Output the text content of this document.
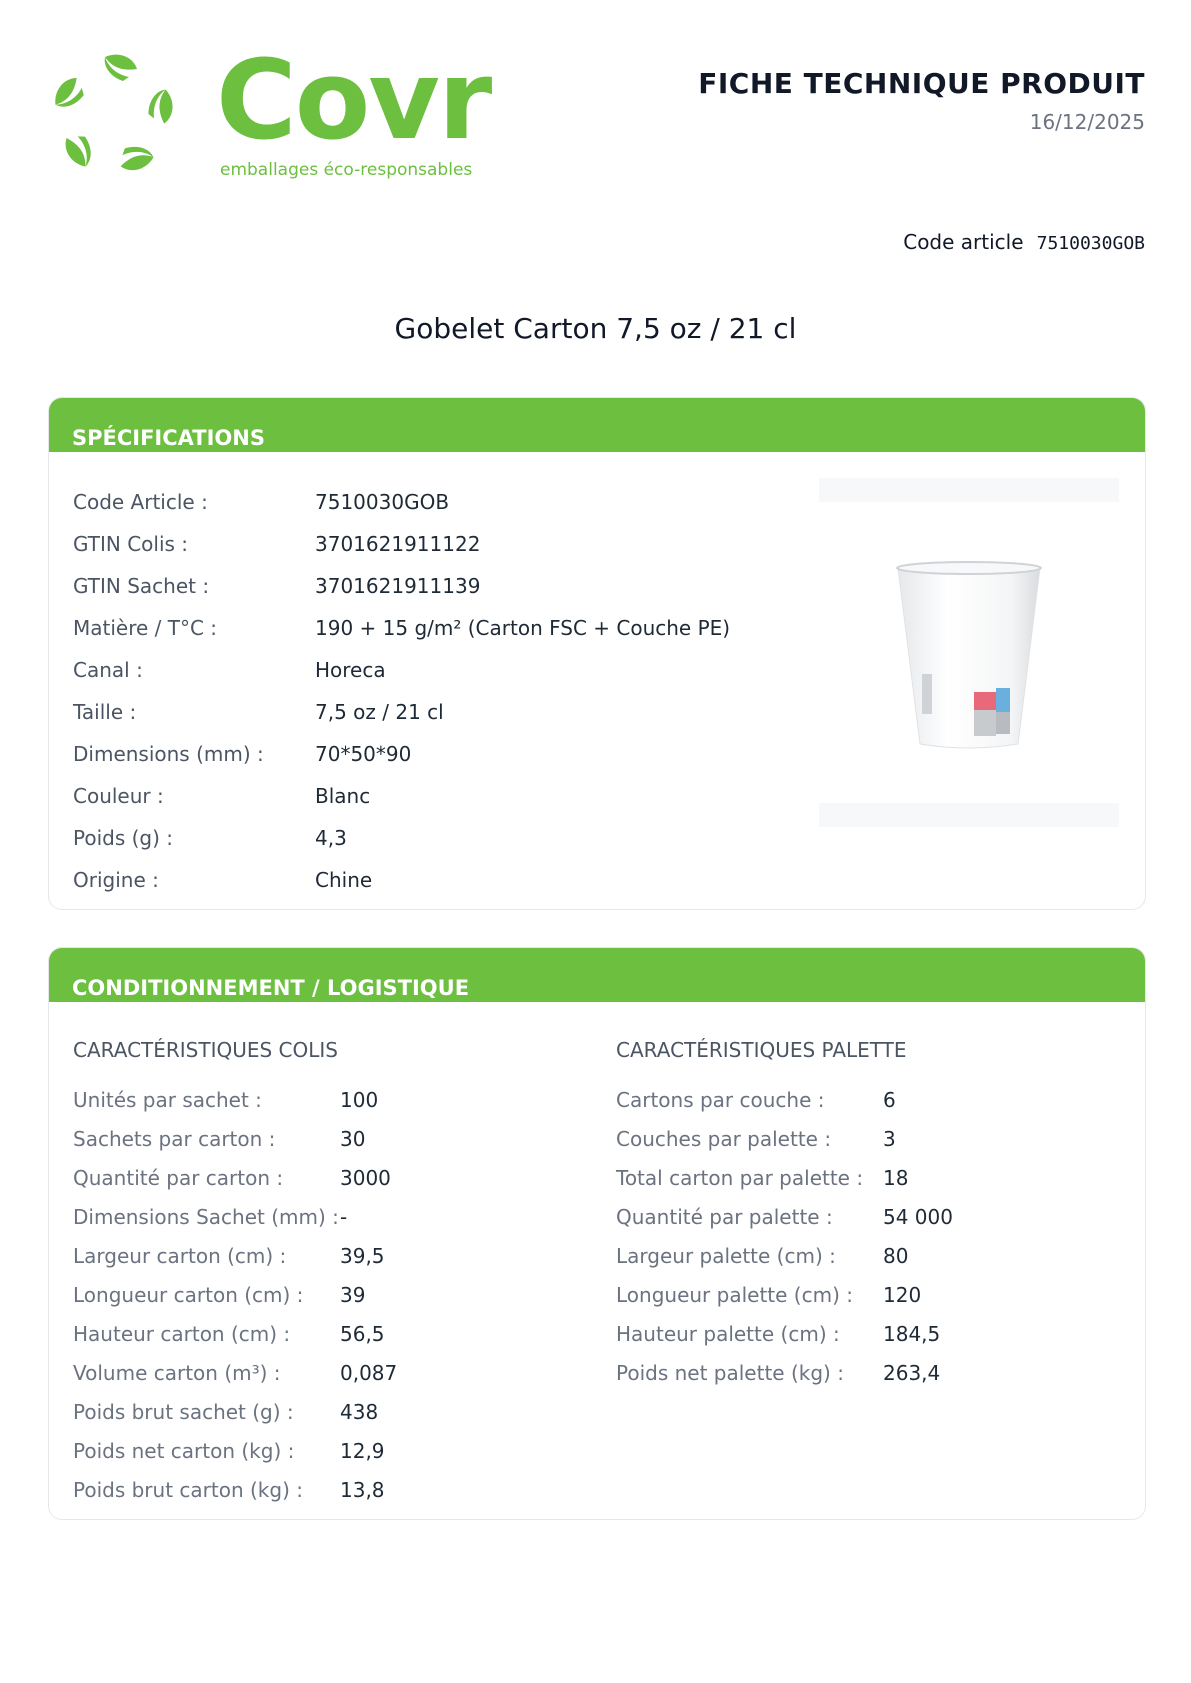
Covr
emballages éco-responsables
FICHE TECHNIQUE PRODUIT
16/12/2025
Code article 7510030GOB
Gobelet Carton 7,5 oz / 21 cl
SPÉCIFICATIONS
Code Article :	7510030GOB
GTIN Colis :	3701621911122
GTIN Sachet :	3701621911139
Matière / T°C :	190 + 15 g/m² (Carton FSC + Couche PE)
Canal :	Horeca
Taille :	7,5 oz / 21 cl
Dimensions (mm) :	70*50*90
Couleur :	Blanc
Poids (g) :	4,3
Origine :	Chine
CONDITIONNEMENT / LOGISTIQUE
CARACTÉRISTIQUES COLIS	CARACTÉRISTIQUES PALETTE
Unités par sachet :	100
Sachets par carton :	30
Quantité par carton :	3000
Dimensions Sachet (mm) : -
Largeur carton (cm) :	39,5
Longueur carton (cm) : 39
Hauteur carton (cm) : 56,5
Volume carton (m³) :	0,087
Poids brut sachet (g) : 438
Poids net carton (kg) : 12,9
Poids brut carton (kg) : 13,8
Cartons par couche :	6
Couches par palette :	3
Total carton par palette : 18
Quantité par palette :	54 000
Largeur palette (cm) : 80
Longueur palette (cm) : 120
Hauteur palette (cm) : 184,5
Poids net palette (kg) : 263,4
